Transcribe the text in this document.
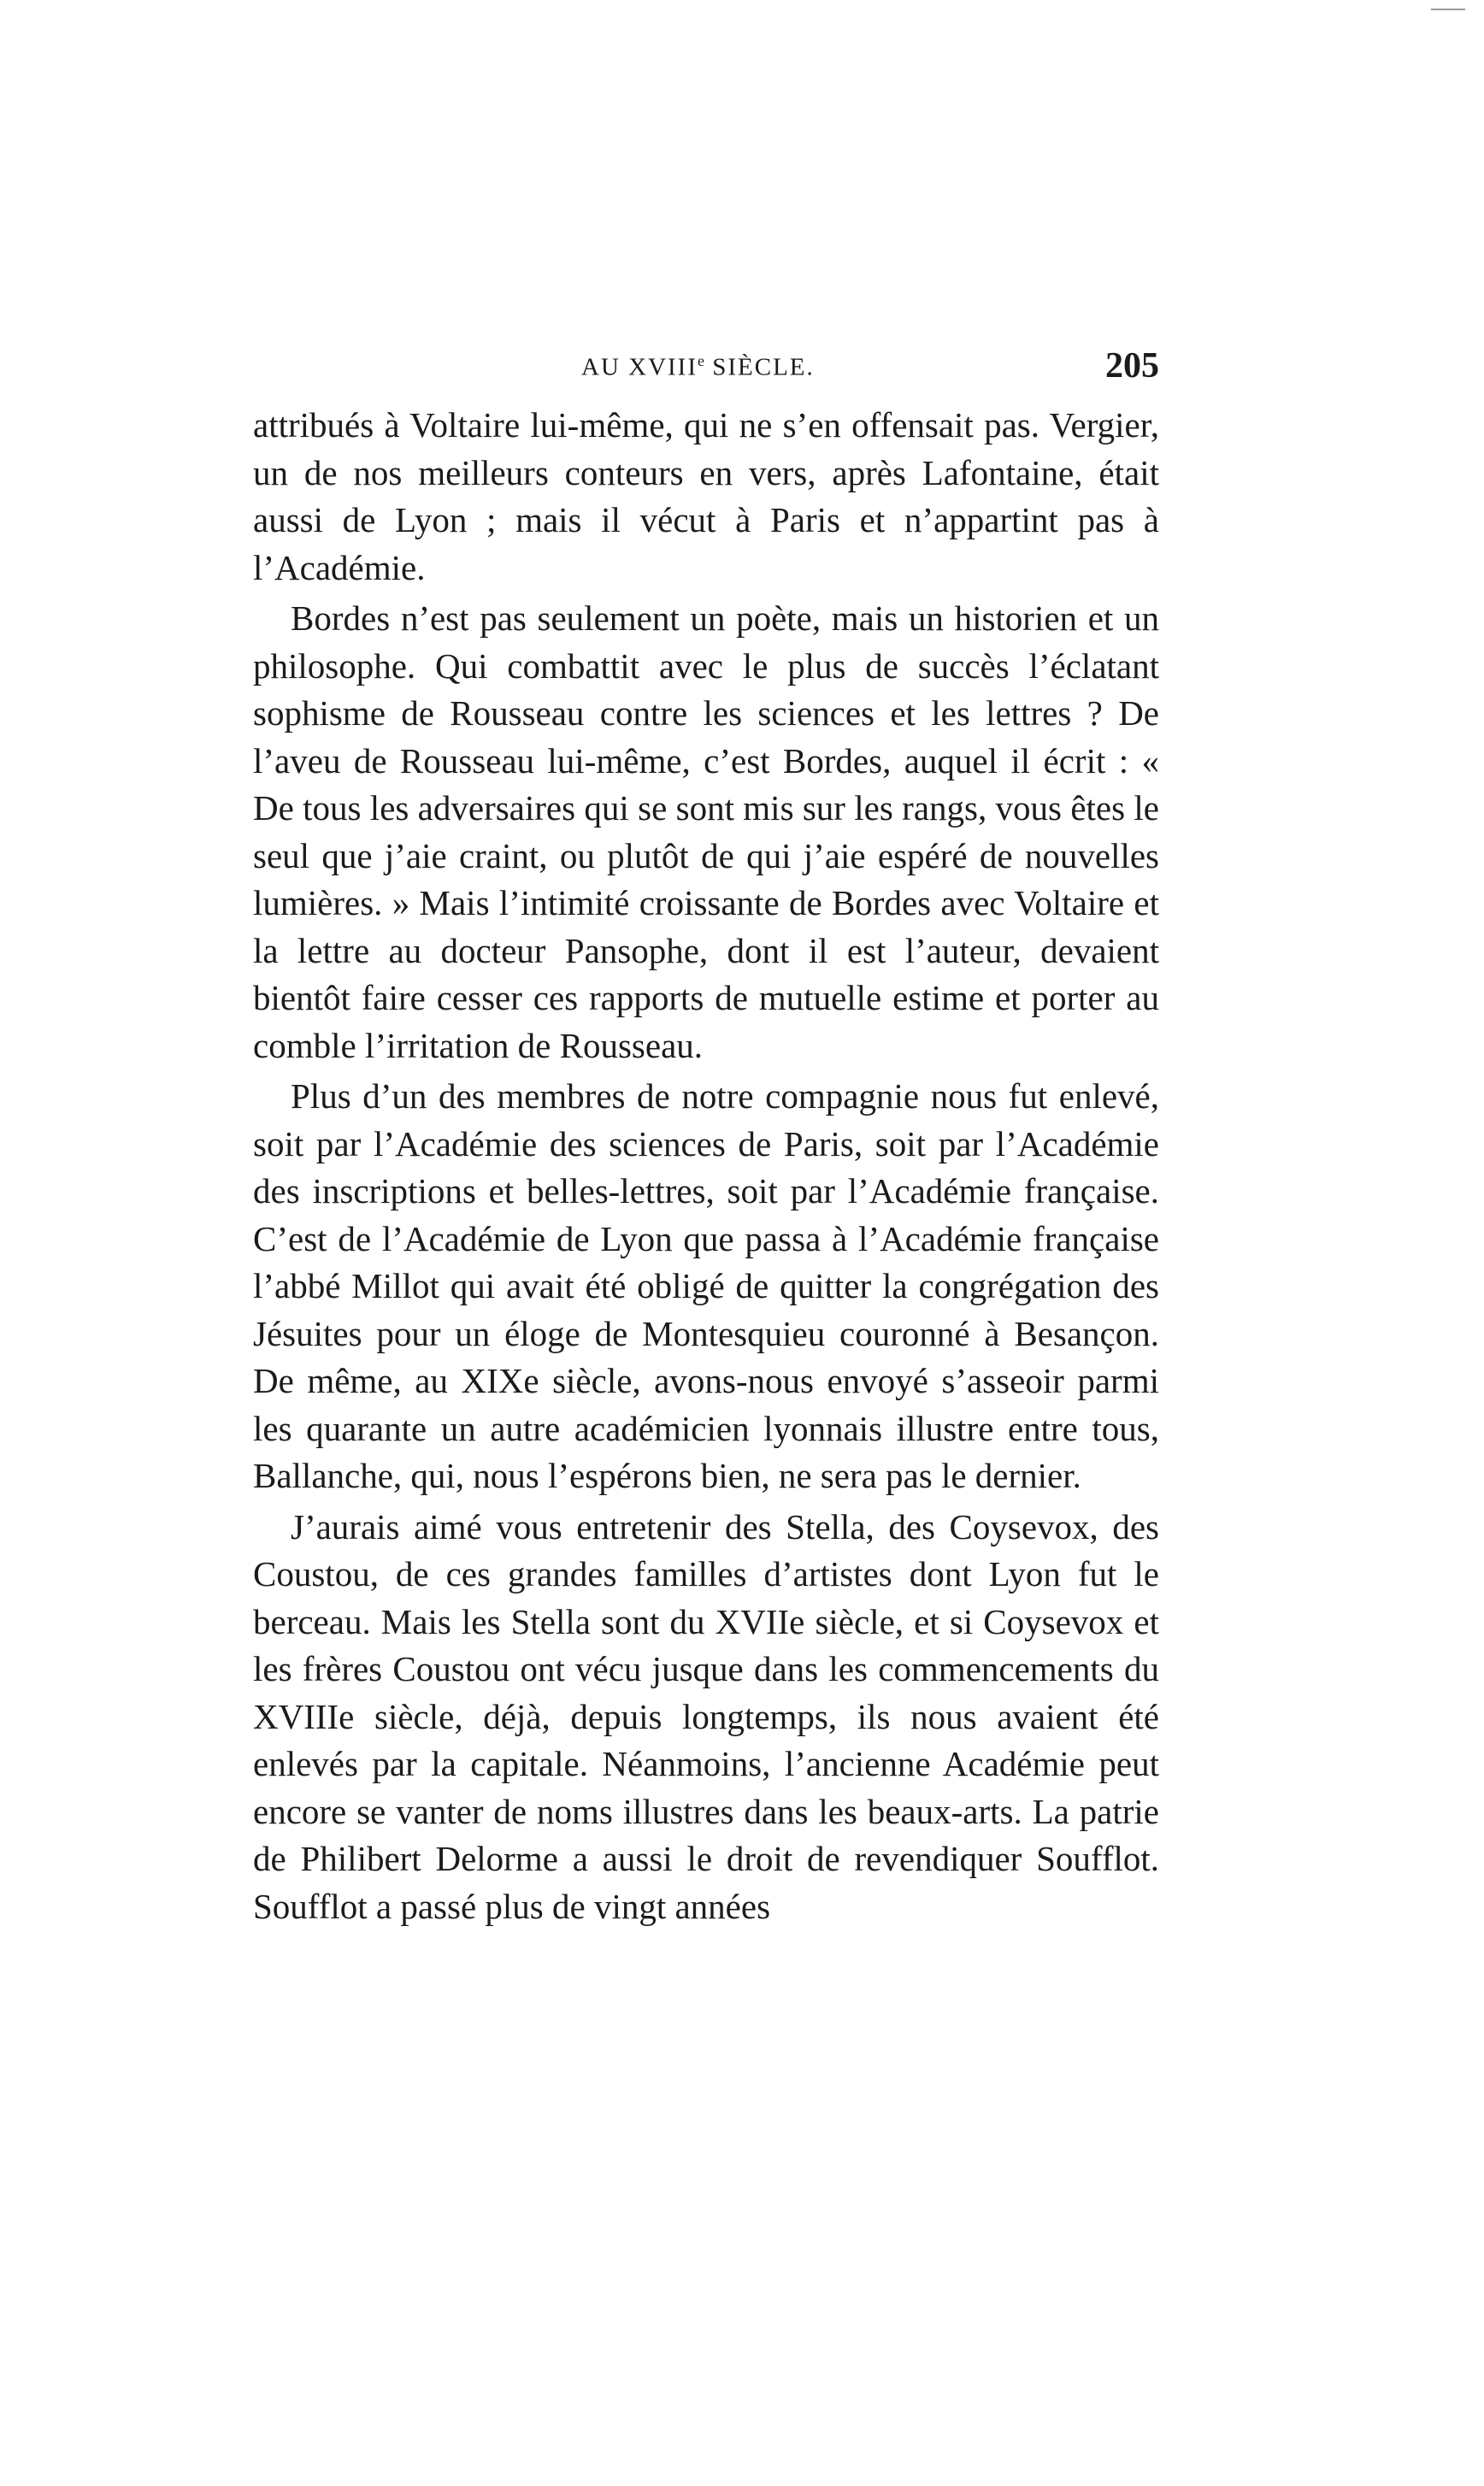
AU XVIIIe SIÈCLE.	205

attribués à Voltaire lui-même, qui ne s’en offensait pas. Vergier, un de nos meilleurs conteurs en vers, après Lafontaine, était aussi de Lyon ; mais il vécut à Paris et n’appartint pas à l’Académie.

Bordes n’est pas seulement un poète, mais un historien et un philosophe. Qui combattit avec le plus de succès l’éclatant sophisme de Rousseau contre les sciences et les lettres ? De l’aveu de Rousseau lui-même, c’est Bordes, auquel il écrit : « De tous les adversaires qui se sont mis sur les rangs, vous êtes le seul que j’aie craint, ou plutôt de qui j’aie espéré de nouvelles lumières. » Mais l’intimité croissante de Bordes avec Voltaire et la lettre au docteur Pansophe, dont il est l’auteur, devaient bientôt faire cesser ces rapports de mutuelle estime et porter au comble l’irritation de Rousseau.

Plus d’un des membres de notre compagnie nous fut enlevé, soit par l’Académie des sciences de Paris, soit par l’Académie des inscriptions et belles-lettres, soit par l’Académie française. C’est de l’Académie de Lyon que passa à l’Académie française l’abbé Millot qui avait été obligé de quitter la congrégation des Jésuites pour un éloge de Montesquieu couronné à Besançon. De même, au XIXe siècle, avons-nous envoyé s’asseoir parmi les quarante un autre académicien lyonnais illustre entre tous, Ballanche, qui, nous l’espérons bien, ne sera pas le dernier.

J’aurais aimé vous entretenir des Stella, des Coysevox, des Coustou, de ces grandes familles d’artistes dont Lyon fut le berceau. Mais les Stella sont du XVIIe siècle, et si Coysevox et les frères Coustou ont vécu jusque dans les commencements du XVIIIe siècle, déjà, depuis longtemps, ils nous avaient été enlevés par la capitale. Néanmoins, l’ancienne Académie peut encore se vanter de noms illustres dans les beaux-arts. La patrie de Philibert Delorme a aussi le droit de revendiquer Soufflot. Soufflot a passé plus de vingt années
